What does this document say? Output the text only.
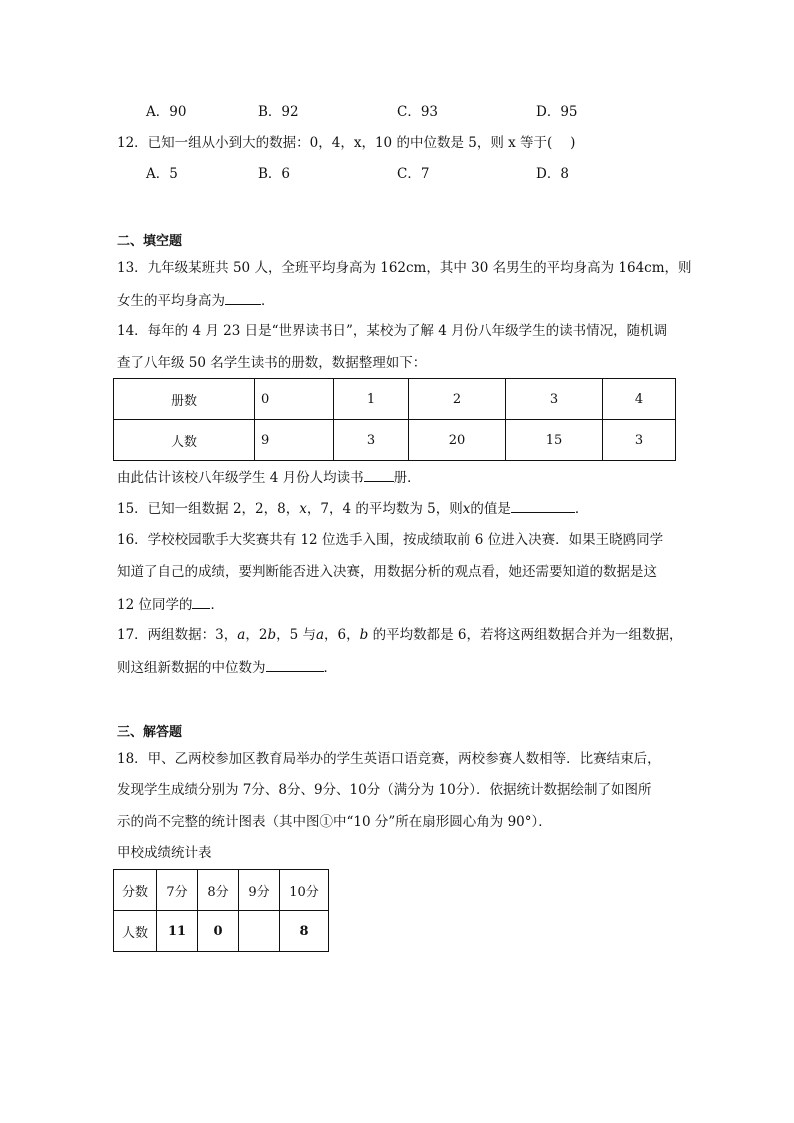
A．90	B．92	C．93	D．95
12．已知一组从小到大的数据：0，4，x，10 的中位数是 5，则 x 等于(　 )
A．5	B．6	C．7	D．8
二、填空题
13．九年级某班共 50 人，全班平均身高为 162cm，其中 30 名男生的平均身高为 164cm，则
女生的平均身高为	．
14．每年的 4 月 23 日是“世界读书日”，某校为了解 4 月份八年级学生的读书情况，随机调
查了八年级 50 名学生读书的册数，数据整理如下：
册数	0	1	2	3	4
人数	9	3	20	15	3
由此估计该校八年级学生 4 月份人均读书 册．
15．已知一组数据 2，2，8，x，7，4 的平均数为 5，则x的值是	．
16．学校校园歌手大奖赛共有 12 位选手入围，按成绩取前 6 位进入决赛．如果王晓鸥同学
知道了自己的成绩，要判断能否进入决赛，用数据分析的观点看，她还需要知道的数据是这
12 位同学的 ．
17．两组数据：3，a，2b，5 与a，6，b 的平均数都是 6，若将这两组数据合并为一组数据，
则这组新数据的中位数为	．
三、解答题
18．甲、乙两校参加区教育局举办的学生英语口语竞赛，两校参赛人数相等．比赛结束后，
发现学生成绩分别为 7分、8分、9分、10分（满分为 10分）．依据统计数据绘制了如图所
示的尚不完整的统计图表（其中图①中“10 分”所在扇形圆心角为 90°）．
甲校成绩统计表
分数	7分	8分	9分	10分
人数	11	0		8
